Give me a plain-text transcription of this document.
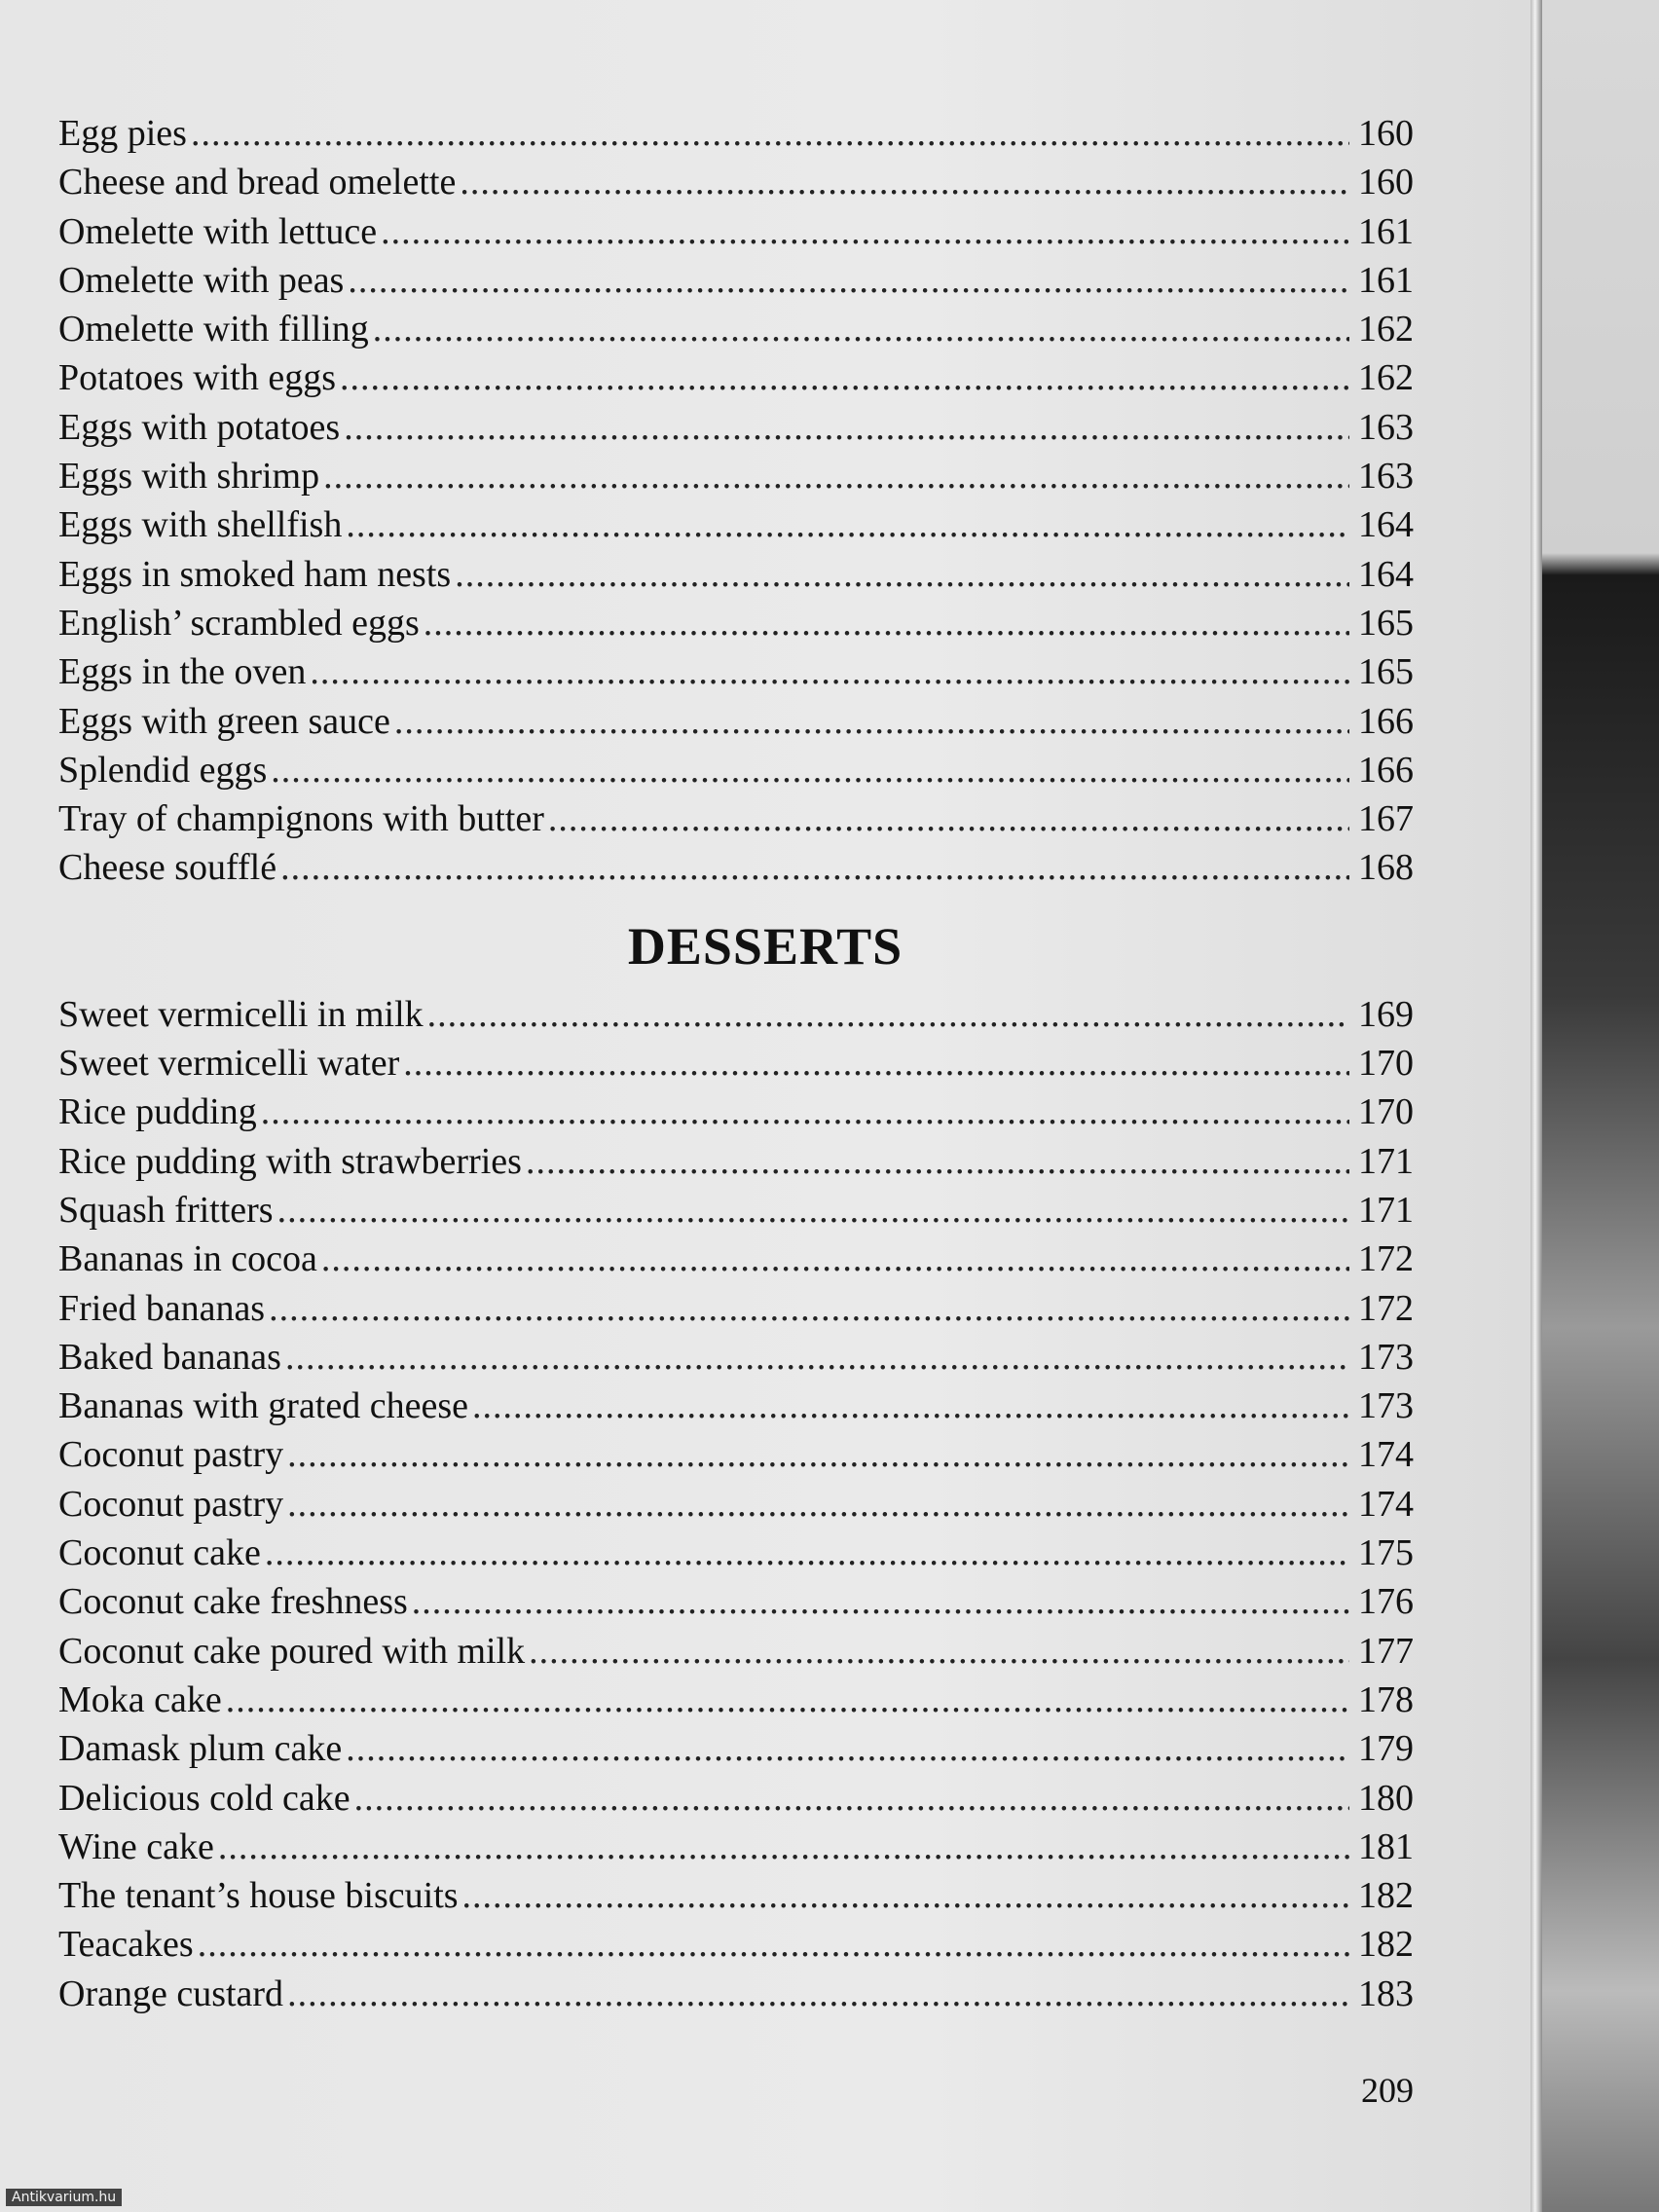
Egg pies .....	160
Cheese and bread omelette .....	160
Omelette with lettuce .....	161
Omelette with peas .....	161
Omelette with filling .....	162
Potatoes with eggs .....	162
Eggs with potatoes .....	163
Eggs with shrimp .....	163
Eggs with shellfish .....	164
Eggs in smoked ham nests .....	164
English’ scrambled eggs .....	165
Eggs in the oven .....	165
Eggs with green sauce .....	166
Splendid eggs .....	166
Tray of champignons with butter .....	167
Cheese soufflé .....	168
DESSERTS
Sweet vermicelli in milk .....	169
Sweet vermicelli water .....	170
Rice pudding .....	170
Rice pudding with strawberries .....	171
Squash fritters .....	171
Bananas in cocoa .....	172
Fried bananas .....	172
Baked bananas .....	173
Bananas with grated cheese .....	173
Coconut pastry .....	174
Coconut pastry .....	174
Coconut cake .....	175
Coconut cake freshness .....	176
Coconut cake poured with milk .....	177
Moka cake .....	178
Damask plum cake .....	179
Delicious cold cake .....	180
Wine cake .....	181
The tenant’s house biscuits .....	182
Teacakes .....	182
Orange custard .....	183
209
Antikvarium.hu
